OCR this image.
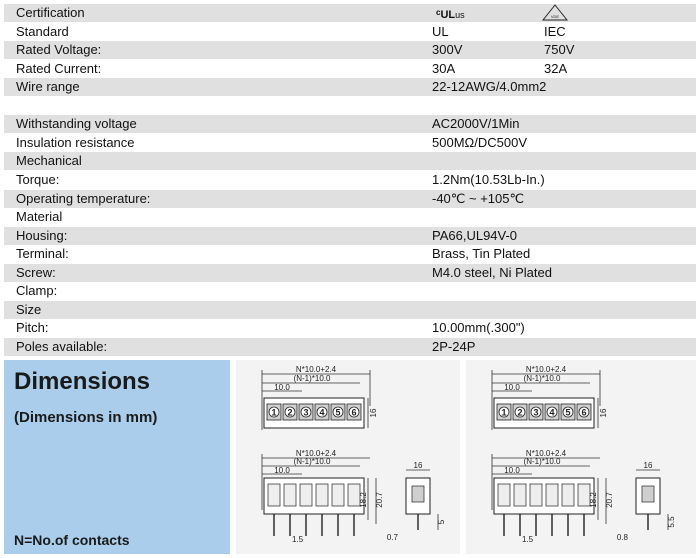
Certification	$^c$ULus	VDE
Standard	UL	IEC
Rated Voltage:	300V	750V
Rated Current:	30A	32A
Wire range	22-12AWG/4.0mm2
Withstanding voltage	AC2000V/1Min
Insulation resistance	500MΩ/DC500V
Mechanical
Torque:	1.2Nm(10.53Lb-In.)
Operating temperature:	-40℃ ~ +105℃
Material
Housing:	PA66,UL94V-0
Terminal:	Brass, Tin Plated
Screw:	M4.0 steel, Ni Plated
Clamp:
Size
Pitch:	10.00mm(.300")
Poles available:	2P-24P
Dimensions
(Dimensions in mm)
N=No.of contacts
N*10.0+2.4
(N-1)*10.0
10.0
1 2 3 4 5 6 16
N*10.0+2.4
(N-1)*10.0
10.0
18.2 20.7
1.5
16
5
0.7
N*10.0+2.4
(N-1)*10.0
10.0
1 2 3 4 5 6 16
N*10.0+2.4
(N-1)*10.0
10.0
18.2 20.7
1.5
16
5.5
0.8
